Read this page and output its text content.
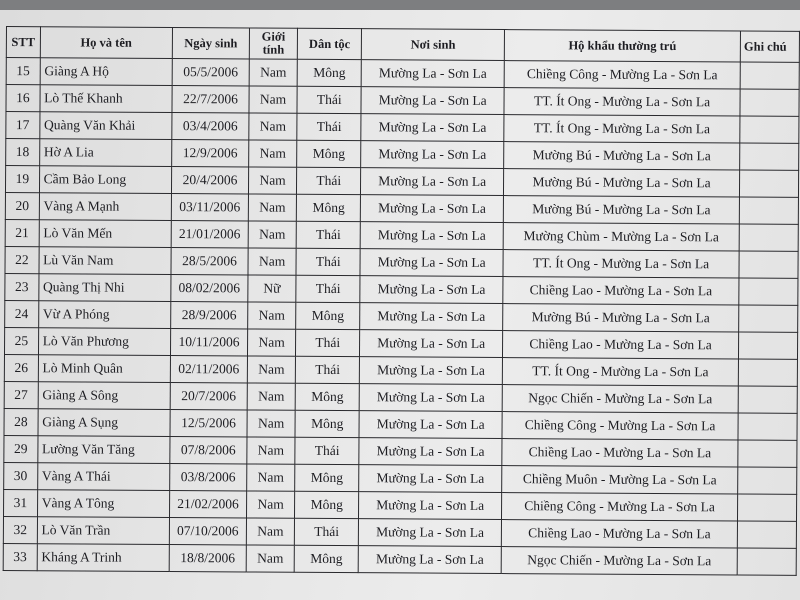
STT	Họ và tên	Ngày sinh	Giới tính	Dân tộc	Nơi sinh	Hộ khẩu thường trú	Ghi chú
15	Giàng A Hộ	05/5/2006	Nam	Mông	Mường La - Sơn La	Chiềng Công - Mường La - Sơn La	
16	Lò Thế Khanh	22/7/2006	Nam	Thái	Mường La - Sơn La	TT. Ít Ong - Mường La - Sơn La	
17	Quàng Văn Khải	03/4/2006	Nam	Thái	Mường La - Sơn La	TT. Ít Ong - Mường La - Sơn La	
18	Hờ A Lia	12/9/2006	Nam	Mông	Mường La - Sơn La	Mường Bú - Mường La - Sơn La	
19	Cầm Bảo Long	20/4/2006	Nam	Thái	Mường La - Sơn La	Mường Bú - Mường La - Sơn La	
20	Vàng A Mạnh	03/11/2006	Nam	Mông	Mường La - Sơn La	Mường Bú - Mường La - Sơn La	
21	Lò Văn Mến	21/01/2006	Nam	Thái	Mường La - Sơn La	Mường Chùm - Mường La - Sơn La	
22	Lù Văn Nam	28/5/2006	Nam	Thái	Mường La - Sơn La	TT. Ít Ong - Mường La - Sơn La	
23	Quàng Thị Nhi	08/02/2006	Nữ	Thái	Mường La - Sơn La	Chiềng Lao - Mường La - Sơn La	
24	Vừ A Phóng	28/9/2006	Nam	Mông	Mường La - Sơn La	Mường Bú - Mường La - Sơn La	
25	Lò Văn Phương	10/11/2006	Nam	Thái	Mường La - Sơn La	Chiềng Lao - Mường La - Sơn La	
26	Lò Minh Quân	02/11/2006	Nam	Thái	Mường La - Sơn La	TT. Ít Ong - Mường La - Sơn La	
27	Giàng A Sông	20/7/2006	Nam	Mông	Mường La - Sơn La	Ngọc Chiến - Mường La - Sơn La	
28	Giàng A Sụng	12/5/2006	Nam	Mông	Mường La - Sơn La	Chiềng Công - Mường La - Sơn La	
29	Lường Văn Tăng	07/8/2006	Nam	Thái	Mường La - Sơn La	Chiềng Lao - Mường La - Sơn La	
30	Vàng A Thái	03/8/2006	Nam	Mông	Mường La - Sơn La	Chiềng Muôn - Mường La - Sơn La	
31	Vàng A Tông	21/02/2006	Nam	Mông	Mường La - Sơn La	Chiềng Công - Mường La - Sơn La	
32	Lò Văn Trần	07/10/2006	Nam	Thái	Mường La - Sơn La	Chiềng Lao - Mường La - Sơn La	
33	Kháng A Trinh	18/8/2006	Nam	Mông	Mường La - Sơn La	Ngọc Chiến - Mường La - Sơn La	
